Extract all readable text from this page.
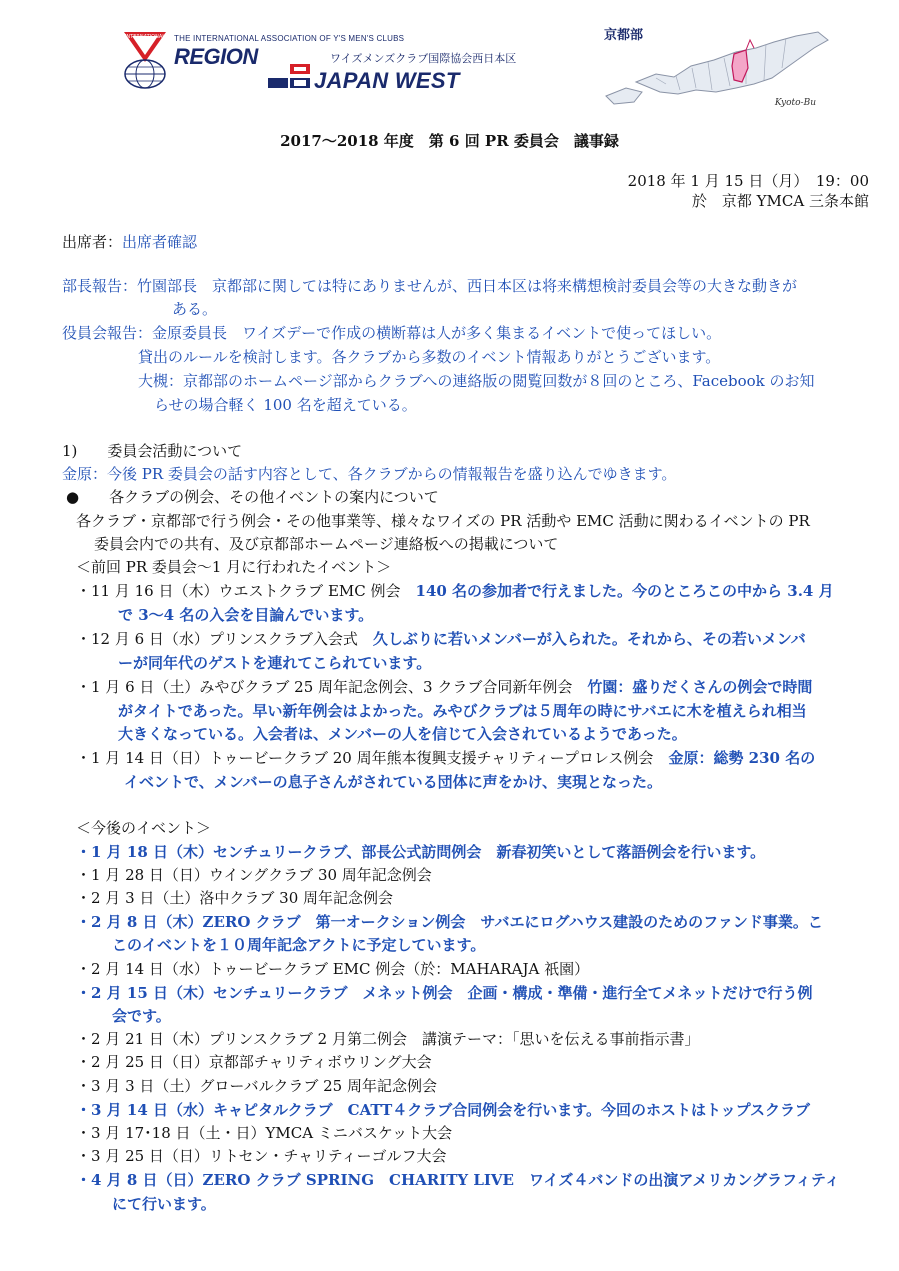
INTERNATIONAL THE INTERNATIONAL ASSOCIATION OF Y'S MEN'S CLUBS
REGION	ワイズメンズクラブ国際協会西日本区
JAPAN WEST
京都部
Kyoto-Bu
2017〜2018 年度　第 6 回 PR 委員会　議事録
2018 年 1 月 15 日（月）　19：00
於　京都 YMCA 三条本館
出席者：出席者確認
部長報告：竹園部長　京都部に関しては特にありませんが、西日本区は将来構想検討委員会等の大きな動きが
ある。
役員会報告：金原委員長　ワイズデーで作成の横断幕は人が多く集まるイベントで使ってほしい。
貸出のルールを検討します。各クラブから多数のイベント情報ありがとうございます。
大槻：京都部のホームページ部からクラブへの連絡版の閲覧回数が８回のところ、Facebook のお知
らせの場合軽く 100 名を超えている。
1)　　委員会活動について
金原：今後 PR 委員会の話す内容として、各クラブからの情報報告を盛り込んでゆきます。
●　　各クラブの例会、その他イベントの案内について
各クラブ・京都部で行う例会・その他事業等、様々なワイズの PR 活動や EMC 活動に関わるイベントの PR
委員会内での共有、及び京都部ホームページ連絡板への掲載について
＜前回 PR 委員会〜1 月に行われたイベント＞
・11 月 16 日（木）ウエストクラブ EMC 例会　140 名の参加者で行えました。今のところこの中から 3.4 月
で 3〜4 名の入会を目論んでいます。
・12 月 6 日（水）プリンスクラブ入会式　久しぶりに若いメンバーが入られた。それから、その若いメンバ
ーが同年代のゲストを連れてこられています。
・1 月 6 日（土）みやびクラブ 25 周年記念例会、3 クラブ合同新年例会　竹園：盛りだくさんの例会で時間
がタイトであった。早い新年例会はよかった。みやびクラブは５周年の時にサバエに木を植えられ相当
大きくなっている。入会者は、メンバーの人を信じて入会されているようであった。
・1 月 14 日（日）トゥービークラブ 20 周年熊本復興支援チャリティープロレス例会　金原：総勢 230 名の
イベントで、メンバーの息子さんがされている団体に声をかけ、実現となった。
＜今後のイベント＞
・1 月 18 日（木）センチュリークラブ、部長公式訪問例会　新春初笑いとして落語例会を行います。
・1 月 28 日（日）ウイングクラブ 30 周年記念例会
・2 月 3 日（土）洛中クラブ 30 周年記念例会
・2 月 8 日（木）ZERO クラブ　第一オークション例会　サバエにログハウス建設のためのファンド事業。こ
このイベントを１０周年記念アクトに予定しています。
・2 月 14 日（水）トゥービークラブ EMC 例会（於：MAHARAJA 祇園）
・2 月 15 日（木）センチュリークラブ　メネット例会　企画・構成・準備・進行全てメネットだけで行う例
会です。
・2 月 21 日（木）プリンスクラブ 2 月第二例会　講演テーマ：「思いを伝える事前指示書」
・2 月 25 日（日）京都部チャリティボウリング大会
・3 月 3 日（土）グローバルクラブ 25 周年記念例会
・3 月 14 日（水）キャピタルクラブ　CATT４クラブ合同例会を行います。今回のホストはトップスクラブ
・3 月 17･18 日（土・日）YMCA ミニバスケット大会
・3 月 25 日（日）リトセン・チャリティーゴルフ大会
・4 月 8 日（日）ZERO クラブ SPRING　CHARITY LIVE　ワイズ４バンドの出演アメリカングラフィティ
にて行います。
